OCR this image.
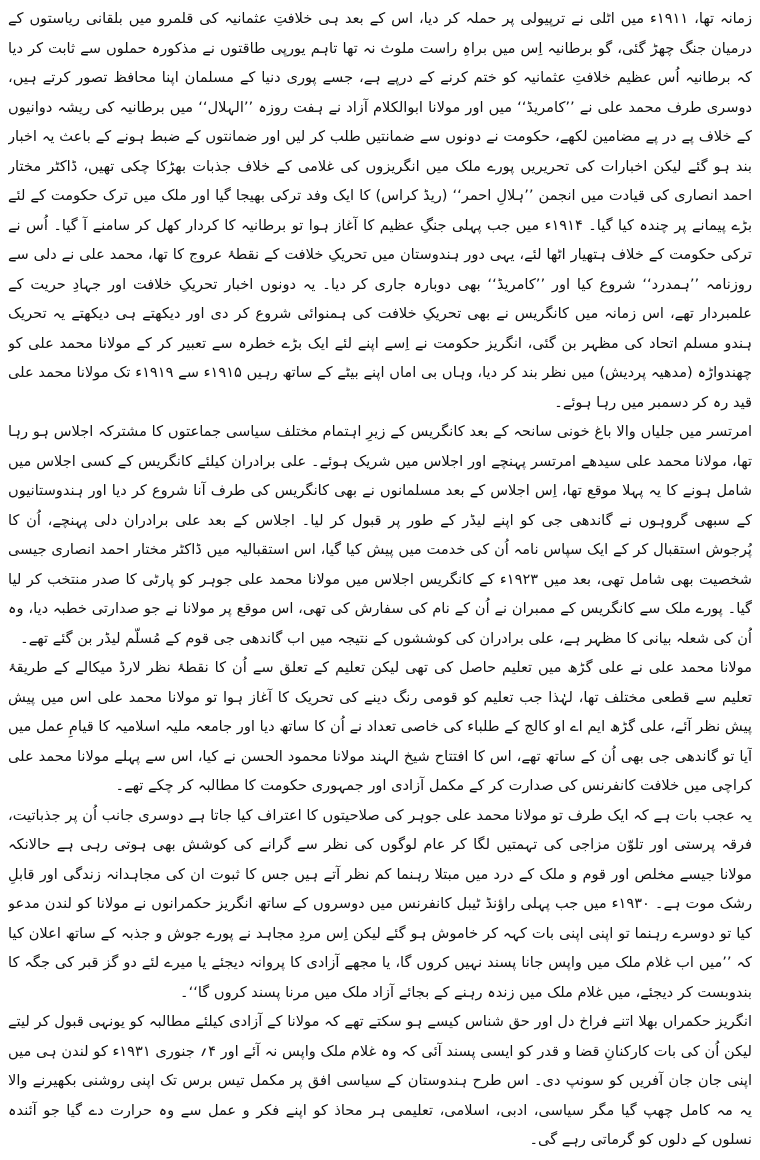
زمانہ تھا، ۱۹۱۱ء میں اٹلی نے ترپیولی پر حملہ کر دیا، اس کے بعد ہی خلافتِ عثمانیہ کی قلمرو میں بلقانی ریاستوں کے درمیان جنگ چھڑ گئی، گو برطانیہ اِس میں براہِ راست ملوث نہ تھا تاہم یورپی طاقتوں نے مذکورہ حملوں سے ثابت کر دیا کہ برطانیہ اُس عظیم خلافتِ عثمانیہ کو ختم کرنے کے درپے ہے، جسے پوری دنیا کے مسلمان اپنا محافظ تصور کرتے ہیں، دوسری طرف محمد علی نے ’’کامریڈ‘‘ میں اور مولانا ابوالکلام آزاد نے ہفت روزہ ’’الہلال‘‘ میں برطانیہ کی ریشہ دوانیوں کے خلاف پے در پے مضامین لکھے، حکومت نے دونوں سے ضمانتیں طلب کر لیں اور ضمانتوں کے ضبط ہونے کے باعث یہ اخبار بند ہو گئے لیکن اخبارات کی تحریریں پورے ملک میں انگریزوں کی غلامی کے خلاف جذبات بھڑکا چکی تھیں، ڈاکٹر مختار احمد انصاری کی قیادت میں انجمن ’’ہلالِ احمر‘‘ (ریڈ کراس) کا ایک وفد ترکی بھیجا گیا اور ملک میں ترک حکومت کے لئے بڑے پیمانے پر چندہ کیا گیا۔ ۱۹۱۴ء میں جب پہلی جنگِ عظیم کا آغاز ہوا تو برطانیہ کا کردار کھل کر سامنے آ گیا۔ اُس نے ترکی حکومت کے خلاف ہتھیار اٹھا لئے، یہی دور ہندوستان میں تحریکِ خلافت کے نقطۂ عروج کا تھا، محمد علی نے دلی سے روزنامہ ’’ہمدرد‘‘ شروع کیا اور ’’کامریڈ‘‘ بھی دوبارہ جاری کر دیا۔ یہ دونوں اخبار تحریکِ خلافت اور جہادِ حریت کے علمبردار تھے، اس زمانہ میں کانگریس نے بھی تحریکِ خلافت کی ہمنوائی شروع کر دی اور دیکھتے ہی دیکھتے یہ تحریک ہندو مسلم اتحاد کی مظہر بن گئی، انگریز حکومت نے اِسے اپنے لئے ایک بڑے خطرہ سے تعبیر کر کے مولانا محمد علی کو چھندواڑہ (مدھیہ پردیش) میں نظر بند کر دیا، وہاں بی اماں اپنے بیٹے کے ساتھ رہیں ۱۹۱۵ء سے ۱۹۱۹ء تک مولانا محمد علی قید رہ کر دسمبر میں رہا ہوئے۔

امرتسر میں جلیاں والا باغ خونی سانحہ کے بعد کانگریس کے زیرِ اہتمام مختلف سیاسی جماعتوں کا مشترکہ اجلاس ہو رہا تھا، مولانا محمد علی سیدھے امرتسر پہنچے اور اجلاس میں شریک ہوئے۔ علی برادران کیلئے کانگریس کے کسی اجلاس میں شامل ہونے کا یہ پہلا موقع تھا، اِس اجلاس کے بعد مسلمانوں نے بھی کانگریس کی طرف آنا شروع کر دیا اور ہندوستانیوں کے سبھی گروہوں نے گاندھی جی کو اپنے لیڈر کے طور پر قبول کر لیا۔ اجلاس کے بعد علی برادران دلی پہنچے، اُن کا پُرجوش استقبال کر کے ایک سپاس نامہ اُن کی خدمت میں پیش کیا گیا، اس استقبالیہ میں ڈاکٹر مختار احمد انصاری جیسی شخصیت بھی شامل تھی، بعد میں ۱۹۲۳ء کے کانگریس اجلاس میں مولانا محمد علی جوہر کو پارٹی کا صدر منتخب کر لیا گیا۔ پورے ملک سے کانگریس کے ممبران نے اُن کے نام کی سفارش کی تھی، اس موقع پر مولانا نے جو صدارتی خطبہ دیا، وہ اُن کی شعلہ بیانی کا مظہر ہے، علی برادران کی کوششوں کے نتیجہ میں اب گاندھی جی قوم کے مُسلّم لیڈر بن گئے تھے۔

مولانا محمد علی نے علی گڑھ میں تعلیم حاصل کی تھی لیکن تعلیم کے تعلق سے اُن کا نقطۂ نظر لارڈ میکالے کے طریقۂ تعلیم سے قطعی مختلف تھا، لہٰذا جب تعلیم کو قومی رنگ دینے کی تحریک کا آغاز ہوا تو مولانا محمد علی اس میں پیش پیش نظر آئے، علی گڑھ ایم اے او کالج کے طلباء کی خاصی تعداد نے اُن کا ساتھ دیا اور جامعہ ملیہ اسلامیہ کا قیامِ عمل میں آیا تو گاندھی جی بھی اُن کے ساتھ تھے، اس کا افتتاح شیخ الہند مولانا محمود الحسن نے کیا، اس سے پہلے مولانا محمد علی کراچی میں خلافت کانفرنس کی صدارت کر کے مکمل آزادی اور جمہوری حکومت کا مطالبہ کر چکے تھے۔

یہ عجب بات ہے کہ ایک طرف تو مولانا محمد علی جوہر کی صلاحیتوں کا اعتراف کیا جاتا ہے دوسری جانب اُن پر جذباتیت، فرقہ پرستی اور تلوّن مزاجی کی تہمتیں لگا کر عام لوگوں کی نظر سے گرانے کی کوشش بھی ہوتی رہی ہے حالانکہ مولانا جیسے مخلص اور قوم و ملک کے درد میں مبتلا رہنما کم نظر آتے ہیں جس کا ثبوت ان کی مجاہدانہ زندگی اور قابلِ رشک موت ہے۔ ۱۹۳۰ء میں جب پہلی راؤنڈ ٹیبل کانفرنس میں دوسروں کے ساتھ انگریز حکمرانوں نے مولانا کو لندن مدعو کیا تو دوسرے رہنما تو اپنی اپنی بات کہہ کر خاموش ہو گئے لیکن اِس مردِ مجاہد نے پورے جوش و جذبہ کے ساتھ اعلان کیا کہ ’’میں اب غلام ملک میں واپس جانا پسند نہیں کروں گا، یا مجھے آزادی کا پروانہ دیجئے یا میرے لئے دو گز قبر کی جگہ کا بندوبست کر دیجئے، میں غلام ملک میں زندہ رہنے کے بجائے آزاد ملک میں مرنا پسند کروں گا‘‘۔

انگریز حکمراں بھلا اتنے فراخ دل اور حق شناس کیسے ہو سکتے تھے کہ مولانا کے آزادی کیلئے مطالبہ کو یونہی قبول کر لیتے لیکن اُن کی بات کارکنانِ قضا و قدر کو ایسی پسند آئی کہ وہ غلام ملک واپس نہ آئے اور ۴؍ جنوری ۱۹۳۱ء کو لندن ہی میں اپنی جان جان آفریں کو سونپ دی۔ اس طرح ہندوستان کے سیاسی افق پر مکمل تیس برس تک اپنی روشنی بکھیرنے والا یہ مہ کامل چھپ گیا مگر سیاسی، ادبی، اسلامی، تعلیمی ہر محاذ کو اپنے فکر و عمل سے وہ حرارت دے گیا جو آئندہ نسلوں کے دلوں کو گرماتی رہے گی۔
